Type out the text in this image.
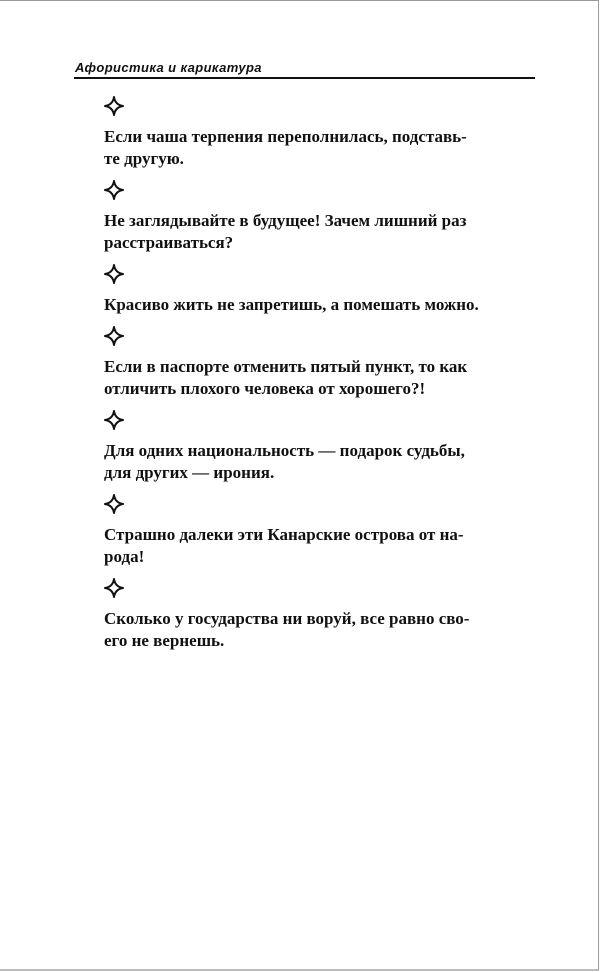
Афористика и карикатура
Если чаша терпения переполнилась, подставь-
те другую.
Не заглядывайте в будущее! Зачем лишний раз
расстраиваться?
Красиво жить не запретишь, а помешать можно.
Если в паспорте отменить пятый пункт, то как
отличить плохого человека от хорошего?!
Для одних национальность — подарок судьбы,
для других — ирония.
Страшно далеки эти Канарские острова от на-
рода!
Сколько у государства ни воруй, все равно сво-
его не вернешь.
